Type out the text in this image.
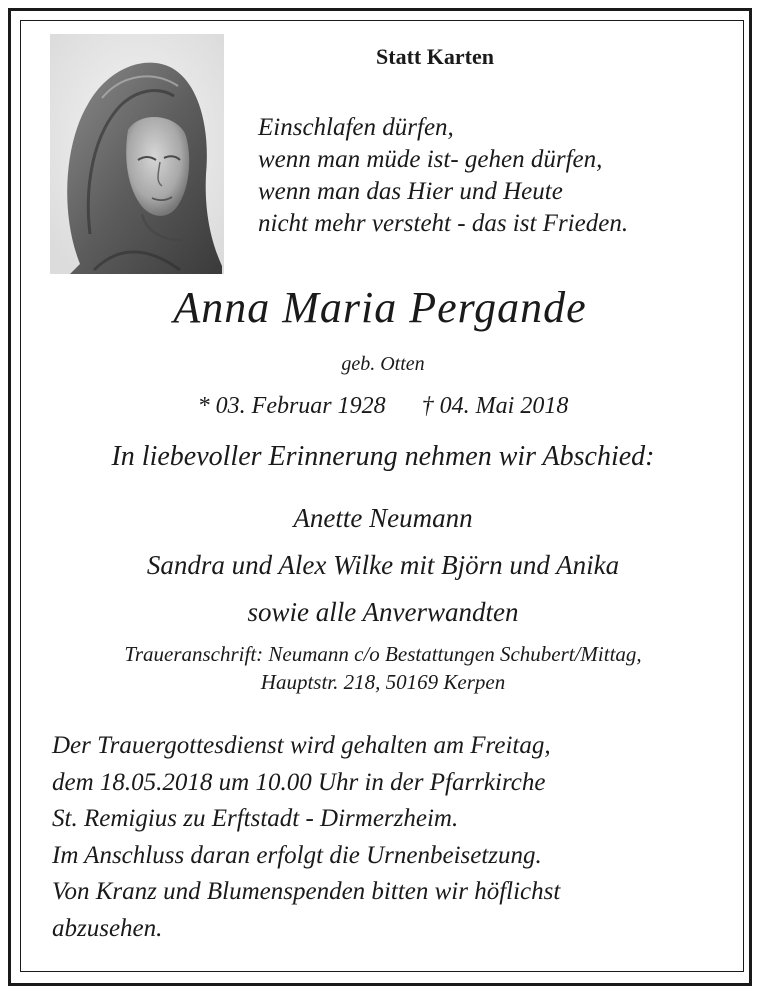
Statt Karten
Einschlafen dürfen,
wenn man müde ist- gehen dürfen,
wenn man das Hier und Heute
nicht mehr versteht - das ist Frieden.
Anna Maria Pergande
geb. Otten
* 03. Februar 1928 † 04. Mai 2018
In liebevoller Erinnerung nehmen wir Abschied:
Anette Neumann
Sandra und Alex Wilke mit Björn und Anika
sowie alle Anverwandten
Traueranschrift: Neumann c/o Bestattungen Schubert/Mittag,
Hauptstr. 218, 50169 Kerpen
Der Trauergottesdienst wird gehalten am Freitag,
dem 18.05.2018 um 10.00 Uhr in der Pfarrkirche
St. Remigius zu Erftstadt - Dirmerzheim.
Im Anschluss daran erfolgt die Urnenbeisetzung.
Von Kranz und Blumenspenden bitten wir höflichst
abzusehen.
